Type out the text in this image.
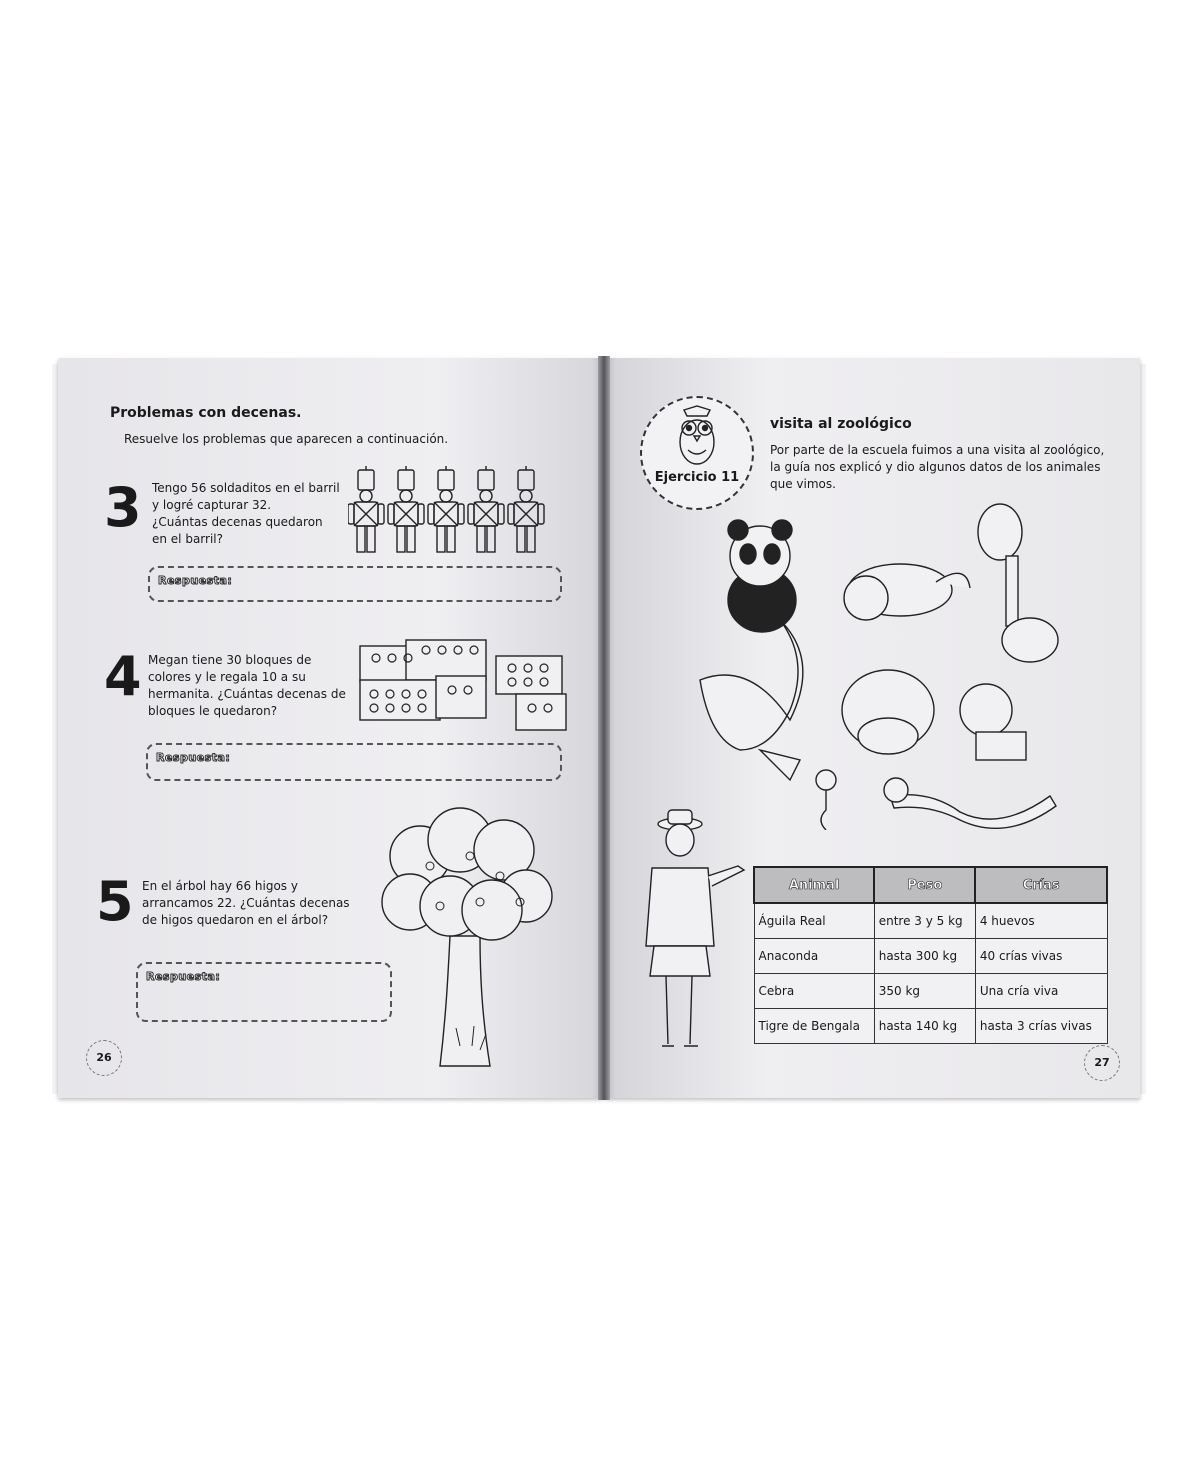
Problemas con decenas.
Resuelve los problemas que aparecen a continuación.
3 Tengo 56 soldaditos en el barril
y logré capturar 32.
¿Cuántas decenas quedaron
en el barril?
Respuesta:
4 Megan tiene 30 bloques de
colores y le regala 10 a su
hermanita. ¿Cuántas decenas de
bloques le quedaron?
Respuesta:
5 En el árbol hay 66 higos y
arrancamos 22. ¿Cuántas decenas
de higos quedaron en el árbol?
Respuesta:
26
Ejercicio 11
visita al zoológico
Por parte de la escuela fuimos a una visita al zoológico, la guía nos explicó y dio algunos datos de los animales que vimos.
Animal	Peso	Crías
Águila Real	entre 3 y 5 kg	4 huevos
Anaconda	hasta 300 kg	40 crías vivas
Cebra	350 kg	Una cría viva
Tigre de Bengala	hasta 140 kg	hasta 3 crías vivas
27
